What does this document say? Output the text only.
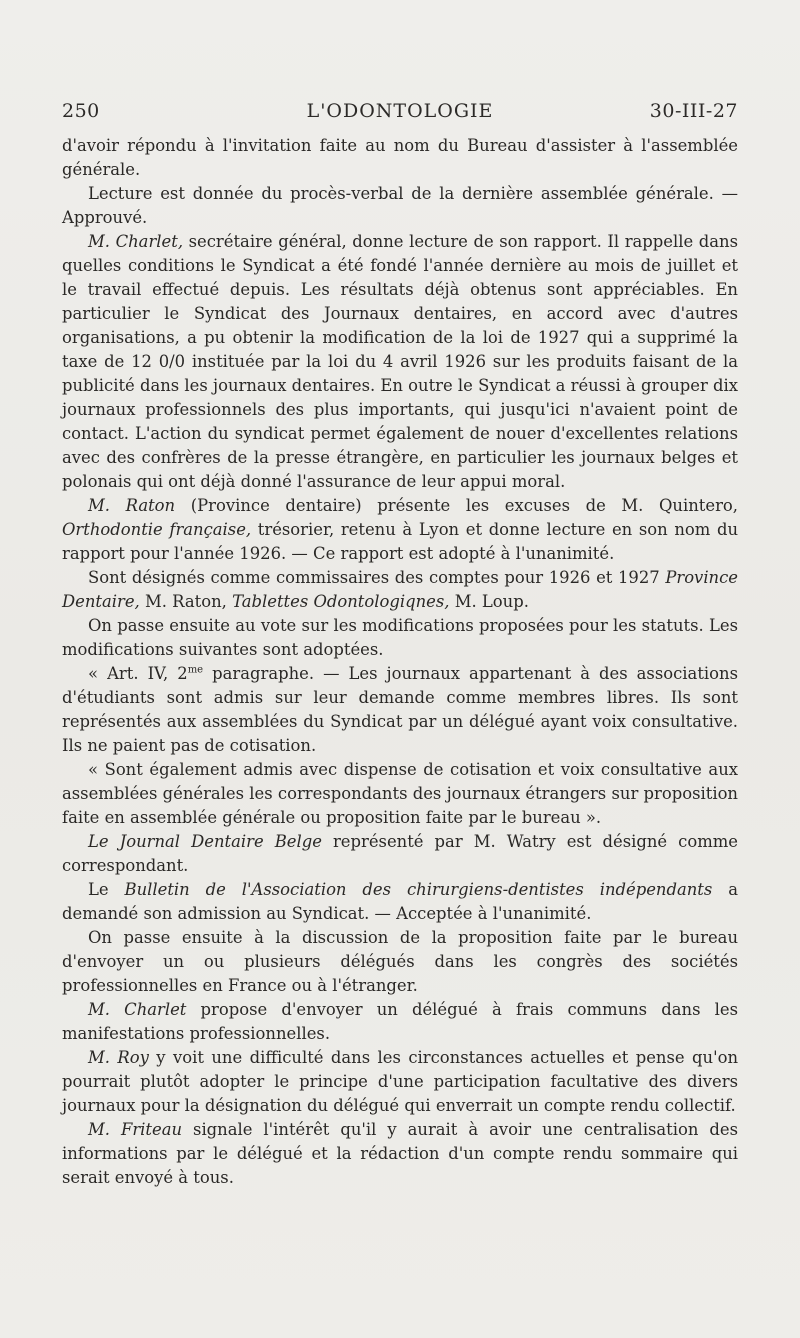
250	L'ODONTOLOGIE	30-III-27

d'avoir répondu à l'invitation faite au nom du Bureau d'assister à l'assemblée générale.

Lecture est donnée du procès-verbal de la dernière assemblée générale. — Approuvé.

M. Charlet, secrétaire général, donne lecture de son rapport. Il rappelle dans quelles conditions le Syndicat a été fondé l'année dernière au mois de juillet et le travail effectué depuis. Les résultats déjà obtenus sont appréciables. En particulier le Syndicat des Journaux dentaires, en accord avec d'autres organisations, a pu obtenir la modification de la loi de 1927 qui a supprimé la taxe de 12 0/0 instituée par la loi du 4 avril 1926 sur les produits faisant de la publicité dans les journaux dentaires. En outre le Syndicat a réussi à grouper dix journaux professionnels des plus importants, qui jusqu'ici n'avaient point de contact. L'action du syndicat permet également de nouer d'excellentes relations avec des confrères de la presse étrangère, en particulier les journaux belges et polonais qui ont déjà donné l'assurance de leur appui moral.

M. Raton (Province dentaire) présente les excuses de M. Quintero, Orthodontie française, trésorier, retenu à Lyon et donne lecture en son nom du rapport pour l'année 1926. — Ce rapport est adopté à l'unanimité.

Sont désignés comme commissaires des comptes pour 1926 et 1927 Province Dentaire, M. Raton, Tablettes Odontologiqnes, M. Loup.

On passe ensuite au vote sur les modifications proposées pour les statuts. Les modifications suivantes sont adoptées.

« Art. IV, $2^{me}$ paragraphe. — Les journaux appartenant à des associations d'étudiants sont admis sur leur demande comme membres libres. Ils sont représentés aux assemblées du Syndicat par un délégué ayant voix consultative. Ils ne paient pas de cotisation.

« Sont également admis avec dispense de cotisation et voix consultative aux assemblées générales les correspondants des journaux étrangers sur proposition faite en assemblée générale ou proposition faite par le bureau ».

Le Journal Dentaire Belge représenté par M. Watry est désigné comme correspondant.

Le Bulletin de l'Association des chirurgiens-dentistes indépendants a demandé son admission au Syndicat. — Acceptée à l'unanimité.

On passe ensuite à la discussion de la proposition faite par le bureau d'envoyer un ou plusieurs délégués dans les congrès des sociétés professionnelles en France ou à l'étranger.

M. Charlet propose d'envoyer un délégué à frais communs dans les manifestations professionnelles.

M. Roy y voit une difficulté dans les circonstances actuelles et pense qu'on pourrait plutôt adopter le principe d'une participation facultative des divers journaux pour la désignation du délégué qui enverrait un compte rendu collectif.

M. Friteau signale l'intérêt qu'il y aurait à avoir une centralisation des informations par le délégué et la rédaction d'un compte rendu sommaire qui serait envoyé à tous.
